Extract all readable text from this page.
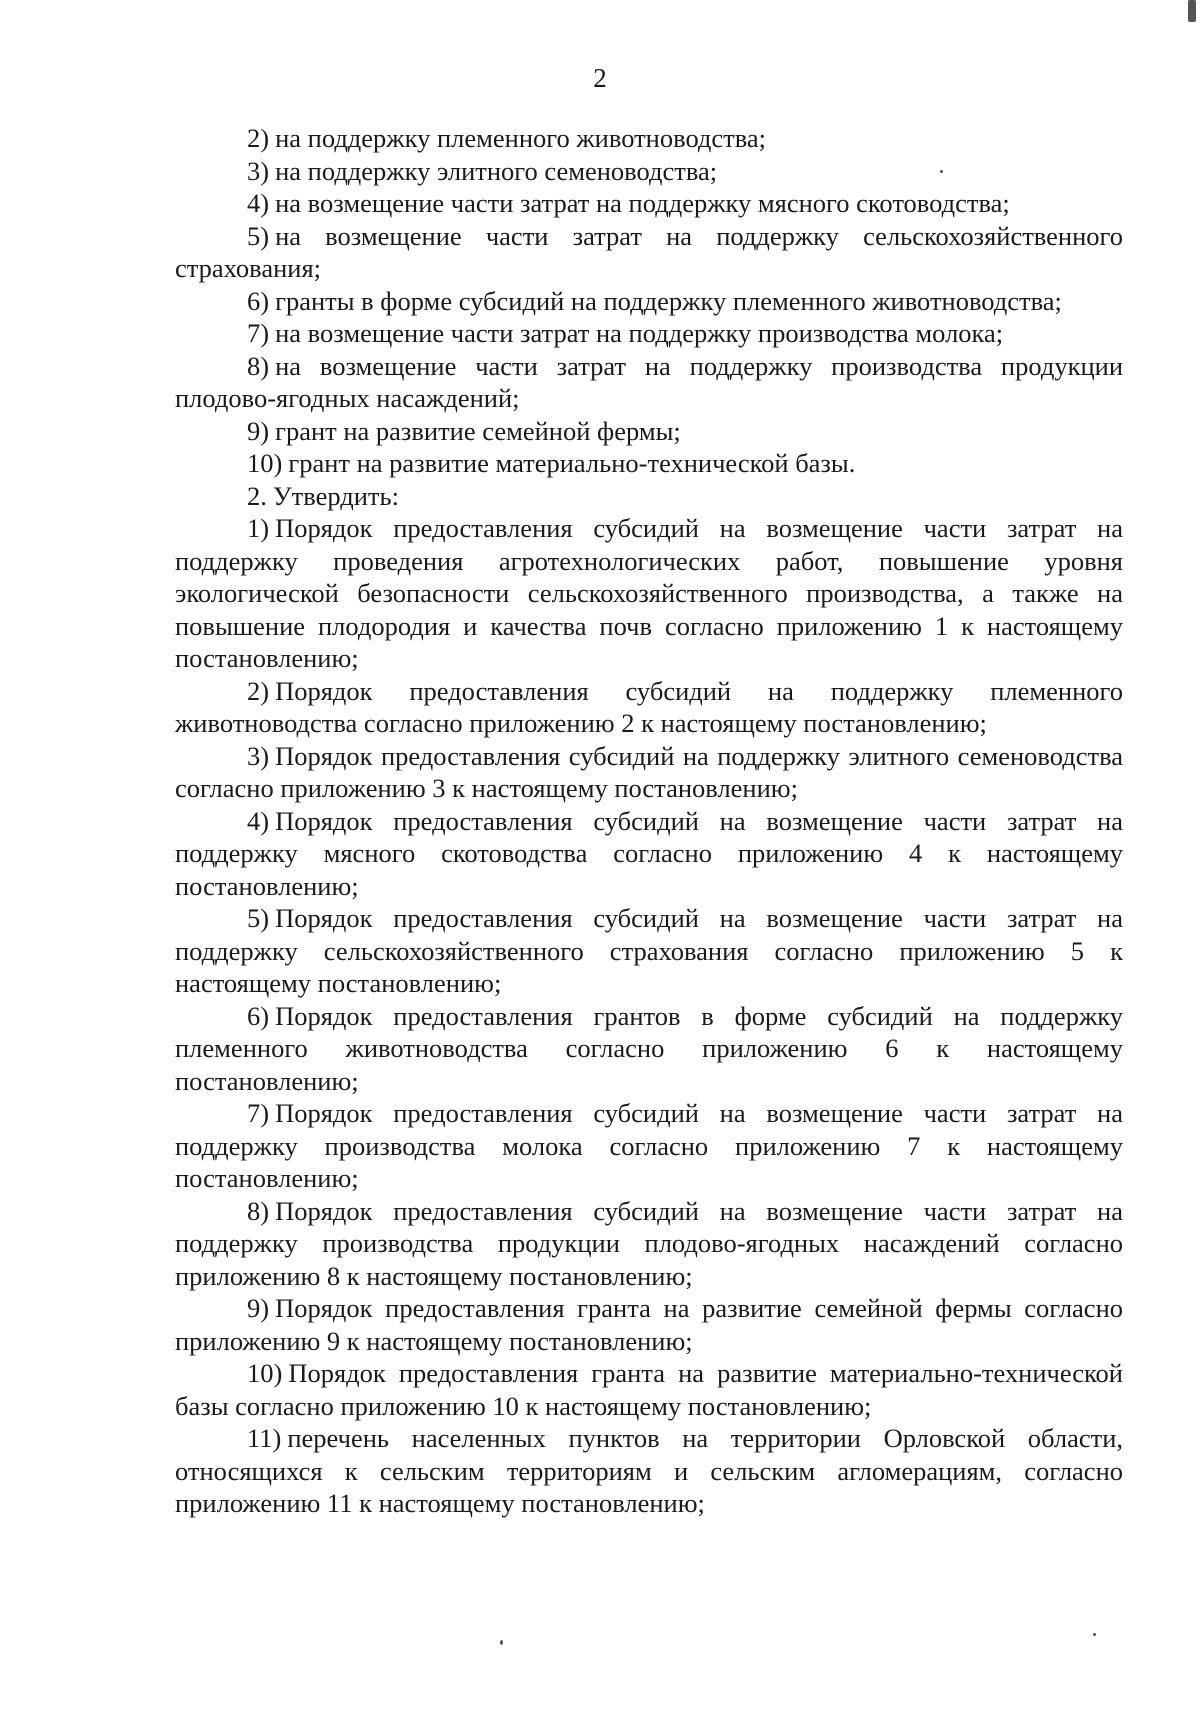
2

2) на поддержку племенного животноводства;

3) на поддержку элитного семеноводства;

4) на возмещение части затрат на поддержку мясного скотоводства;

5) на возмещение части затрат на поддержку сельскохозяйственного страхования;

6) гранты в форме субсидий на поддержку племенного животноводства;

7) на возмещение части затрат на поддержку производства молока;

8) на возмещение части затрат на поддержку производства продукции плодово-ягодных насаждений;

9) грант на развитие семейной фермы;

10) грант на развитие материально-технической базы.

2. Утвердить:

1) Порядок предоставления субсидий на возмещение части затрат на поддержку проведения агротехнологических работ, повышение уровня экологической безопасности сельскохозяйственного производства, а также на повышение плодородия и качества почв согласно приложению 1 к настоящему постановлению;

2) Порядок предоставления субсидий на поддержку племенного животноводства согласно приложению 2 к настоящему постановлению;

3) Порядок предоставления субсидий на поддержку элитного семеноводства согласно приложению 3 к настоящему постановлению;

4) Порядок предоставления субсидий на возмещение части затрат на поддержку мясного скотоводства согласно приложению 4 к настоящему постановлению;

5) Порядок предоставления субсидий на возмещение части затрат на поддержку сельскохозяйственного страхования согласно приложению 5 к настоящему постановлению;

6) Порядок предоставления грантов в форме субсидий на поддержку племенного животноводства согласно приложению 6 к настоящему постановлению;

7) Порядок предоставления субсидий на возмещение части затрат на поддержку производства молока согласно приложению 7 к настоящему постановлению;

8) Порядок предоставления субсидий на возмещение части затрат на поддержку производства продукции плодово-ягодных насаждений согласно приложению 8 к настоящему постановлению;

9) Порядок предоставления гранта на развитие семейной фермы согласно приложению 9 к настоящему постановлению;

10) Порядок предоставления гранта на развитие материально-технической базы согласно приложению 10 к настоящему постановлению;

11) перечень населенных пунктов на территории Орловской области, относящихся к сельским территориям и сельским агломерациям, согласно приложению 11 к настоящему постановлению;
